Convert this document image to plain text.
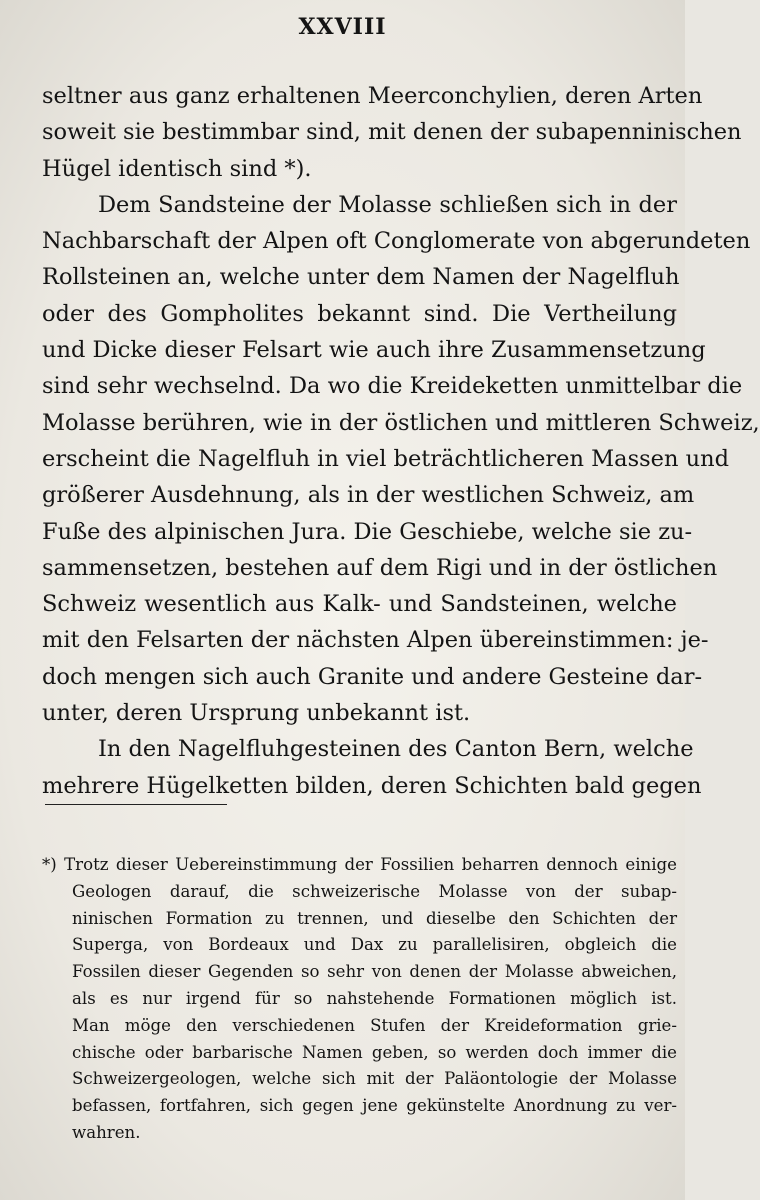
XXVIII
seltner aus ganz erhaltenen Meerconchylien, deren Arten
soweit sie bestimmbar sind, mit denen der subapenninischen
Hügel identisch sind *).
Dem Sandsteine der Molasse schließen sich in der
Nachbarschaft der Alpen oft Conglomerate von abgerundeten
Rollsteinen an, welche unter dem Namen der Nagelfluh
oder des Gompholites bekannt sind. Die Vertheilung
und Dicke dieser Felsart wie auch ihre Zusammensetzung
sind sehr wechselnd. Da wo die Kreideketten unmittelbar die
Molasse berühren, wie in der östlichen und mittleren Schweiz,
erscheint die Nagelfluh in viel beträchtlicheren Massen und
größerer Ausdehnung, als in der westlichen Schweiz, am
Fuße des alpinischen Jura. Die Geschiebe, welche sie zu-
sammensetzen, bestehen auf dem Rigi und in der östlichen
Schweiz wesentlich aus Kalk- und Sandsteinen, welche
mit den Felsarten der nächsten Alpen übereinstimmen: je-
doch mengen sich auch Granite und andere Gesteine dar-
unter, deren Ursprung unbekannt ist.
In den Nagelfluhgesteinen des Canton Bern, welche
mehrere Hügelketten bilden, deren Schichten bald gegen
*) Trotz dieser Uebereinstimmung der Fossilien beharren dennoch einige
Geologen darauf, die schweizerische Molasse von der subap-
ninischen Formation zu trennen, und dieselbe den Schichten der
Superga, von Bordeaux und Dax zu parallelisiren, obgleich die
Fossilen dieser Gegenden so sehr von denen der Molasse abweichen,
als es nur irgend für so nahstehende Formationen möglich ist.
Man möge den verschiedenen Stufen der Kreideformation grie-
chische oder barbarische Namen geben, so werden doch immer die
Schweizergeologen, welche sich mit der Paläontologie der Molasse
befassen, fortfahren, sich gegen jene gekünstelte Anordnung zu ver-
wahren.
